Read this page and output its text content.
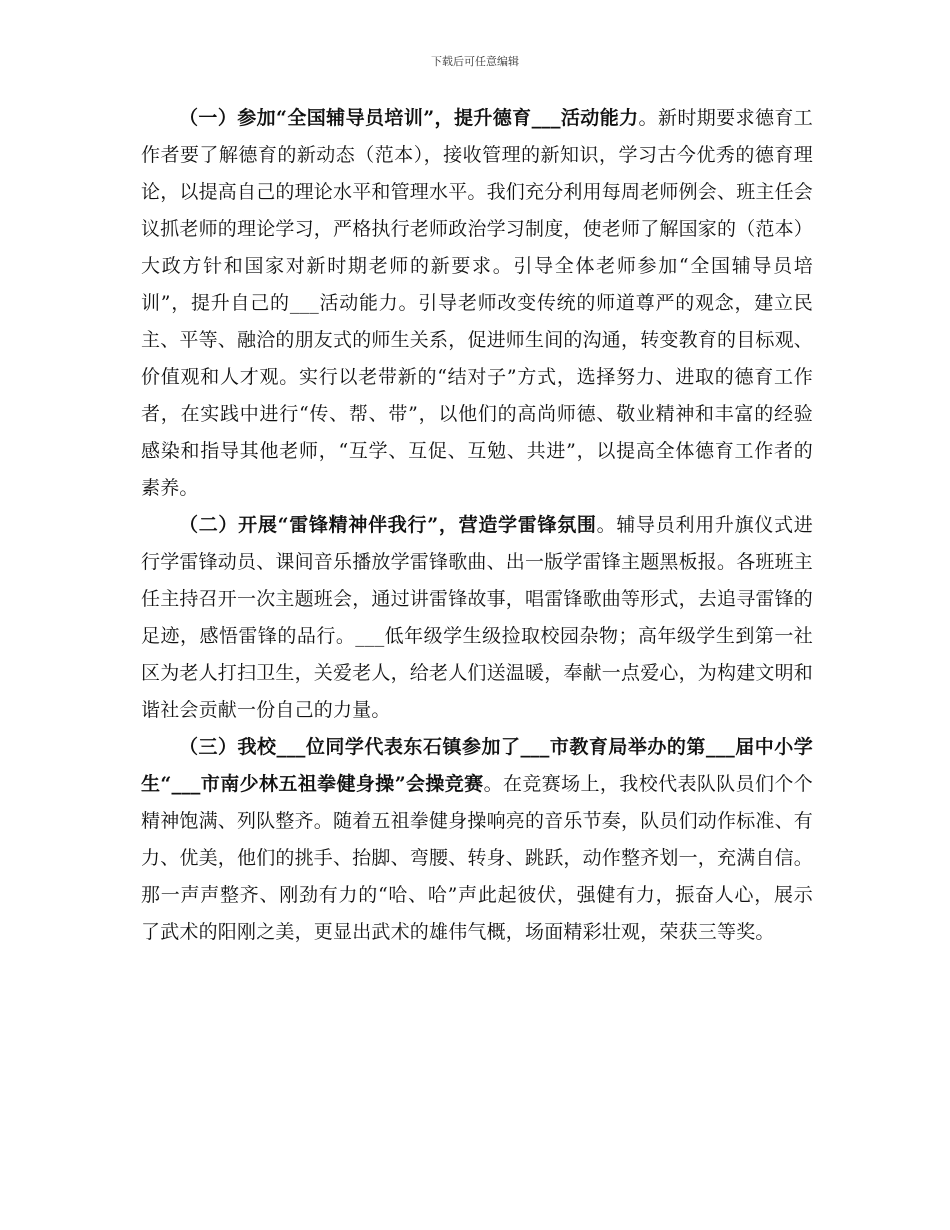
下载后可任意编辑

（一）参加“全国辅导员培训”，提升德育___活动能力。新时期要求德育工作者要了解德育的新动态（范本），接收管理的新知识，学习古今优秀的德育理论，以提高自己的理论水平和管理水平。我们充分利用每周老师例会、班主任会议抓老师的理论学习，严格执行老师政治学习制度，使老师了解国家的（范本）大政方针和国家对新时期老师的新要求。引导全体老师参加“全国辅导员培训”，提升自己的___活动能力。引导老师改变传统的师道尊严的观念，建立民主、平等、融洽的朋友式的师生关系，促进师生间的沟通，转变教育的目标观、价值观和人才观。实行以老带新的“结对子”方式，选择努力、进取的德育工作者，在实践中进行“传、帮、带”，以他们的高尚师德、敬业精神和丰富的经验感染和指导其他老师，“互学、互促、互勉、共进”，以提高全体德育工作者的素养。

（二）开展“雷锋精神伴我行”，营造学雷锋氛围。辅导员利用升旗仪式进行学雷锋动员、课间音乐播放学雷锋歌曲、出一版学雷锋主题黑板报。各班班主任主持召开一次主题班会，通过讲雷锋故事，唱雷锋歌曲等形式，去追寻雷锋的足迹，感悟雷锋的品行。___低年级学生级捡取校园杂物；高年级学生到第一社区为老人打扫卫生，关爱老人，给老人们送温暖，奉献一点爱心，为构建文明和谐社会贡献一份自己的力量。

（三）我校___位同学代表东石镇参加了___市教育局举办的第___届中小学生“___市南少林五祖拳健身操”会操竞赛。在竞赛场上，我校代表队队员们个个精神饱满、列队整齐。随着五祖拳健身操响亮的音乐节奏，队员们动作标准、有力、优美，他们的挑手、抬脚、弯腰、转身、跳跃，动作整齐划一，充满自信。那一声声整齐、刚劲有力的“哈、哈”声此起彼伏，强健有力，振奋人心，展示了武术的阳刚之美，更显出武术的雄伟气概，场面精彩壮观，荣获三等奖。
